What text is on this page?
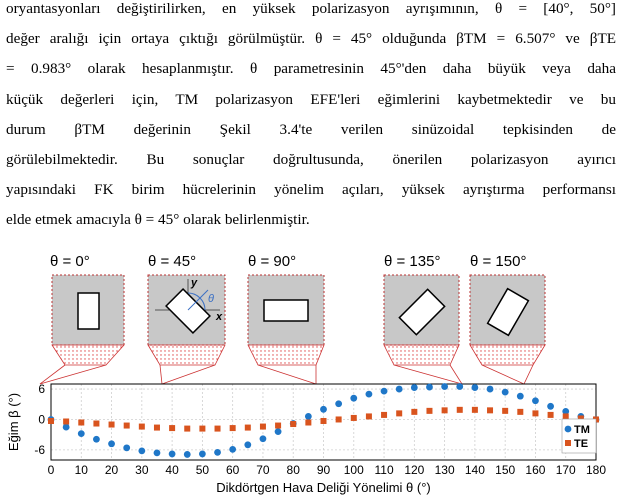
oryantasyonları değiştirilirken, en yüksek polarizasyon ayrışımının, θ = [40°, 50°]
değer aralığı için ortaya çıktığı görülmüştür. θ = 45° olduğunda βTM = 6.507° ve βTE
= 0.983° olarak hesaplanmıştır. θ parametresinin 45°'den daha büyük veya daha
küçük değerleri için, TM polarizasyon EFE'leri eğimlerini kaybetmektedir ve bu
durum βTM değerinin Şekil 3.4'te verilen sinüzoidal tepkisinden de
görülebilmektedir. Bu sonuçlar doğrultusunda, önerilen polarizasyon ayırıcı
yapısındaki FK birim hücrelerinin yönelim açıları, yüksek ayrıştırma performansı
elde etmek amacıyla θ = 45° olarak belirlenmiştir.
θ = 0°	θ = 45°	θ = 90°	θ = 135° θ = 150°
y
x
θ
0 10 20 30 40 50 60 70 80 90 100 110 120 130 140 150 160 170 180
6
0
-6
Dikdörtgen Hava Deliği Yönelimi θ (°)
Eğim β (°)	TM
TE
